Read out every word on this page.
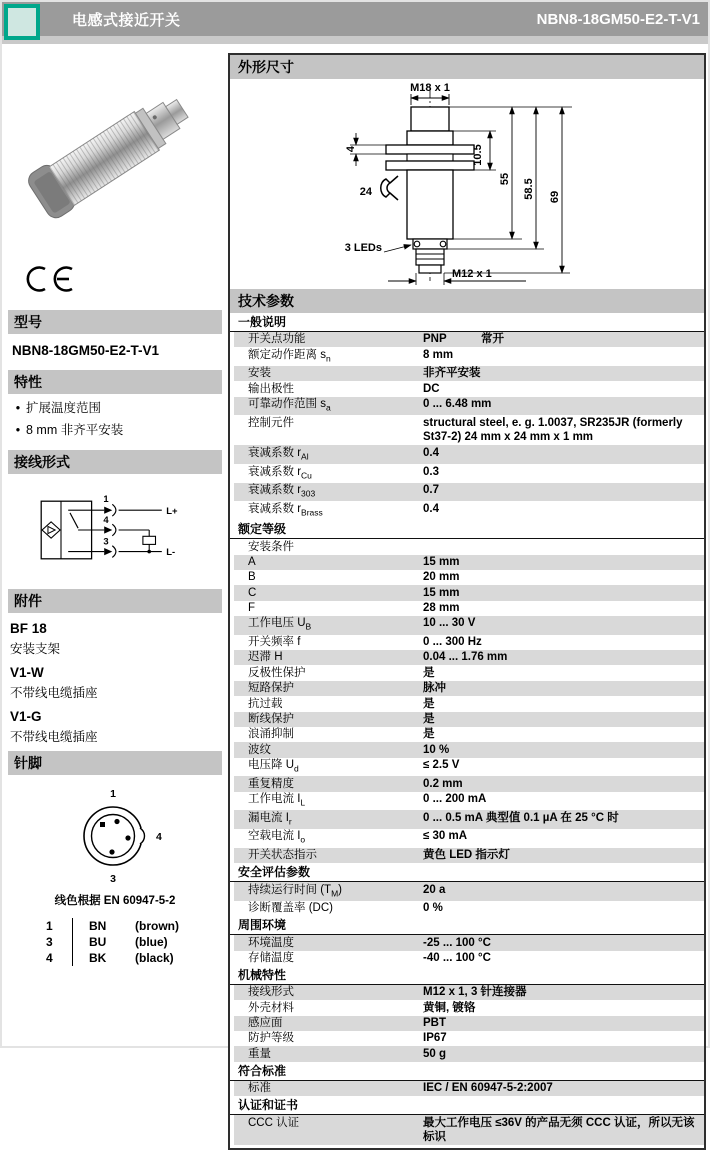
电感式接近开关	NBN8-18GM50-E2-T-V1
型号
NBN8-18GM50-E2-T-V1
特性
• 扩展温度范围
• 8 mm 非齐平安装
接线形式
1
4
3
L+
L-
附件
BF 18
安装支架
V1-W
不带线电缆插座
V1-G
不带线电缆插座
针脚
1
4
3
线色根据 EN 60947-5-2
1	BN	(brown)
3	BU	(blue)
4	BK	(black)
外形尺寸
M18 x 1
10.5
55 58.5 69
4
24
3 LEDs
M12 x 1
技术参数
一般说明
开关点功能	PNP　　　常开
额定动作距离 $s_n$	8 mm
安装	非齐平安装
输出极性	DC
可靠动作范围 $s_a$	0 ... 6.48 mm
控制元件	structural steel, e. g. 1.0037, SR235JR (formerly St37-2) 24 mm x 24 mm x 1 mm
衰减系数 $r_{Al}$	0.4
衰减系数 $r_{Cu}$	0.3
衰减系数 $r_{303}$	0.7
衰减系数 $r_{Brass}$	0.4
额定等级
安装条件
A	15 mm
B	20 mm
C	15 mm
F	28 mm
工作电压 $U_B$	10 ... 30 V
开关频率 f	0 ... 300 Hz
迟滞 H	0.04 ... 1.76 mm
反极性保护	是
短路保护	脉冲
抗过载	是
断线保护	是
浪涌抑制	是
波纹	10 %
电压降 $U_d$	≤ 2.5 V
重复精度	0.2 mm
工作电流 $I_L$	0 ... 200 mA
漏电流 $I_r$	0 ... 0.5 mA 典型值 0.1 µA 在 25 °C 时
空载电流 $I_o$	≤ 30 mA
开关状态指示	黄色 LED 指示灯
安全评估参数
持续运行时间 $(T_M)$	20 a
诊断覆盖率 (DC)	0 %
周围环境
环境温度	-25 ... 100 °C
存储温度	-40 ... 100 °C
机械特性
接线形式	M12 x 1, 3 针连接器
外壳材料	黄铜, 镀铬
感应面	PBT
防护等级	IP67
重量	50 g
符合标准
标准	IEC / EN 60947-5-2:2007
认证和证书
CCC 认证	最大工作电压 ≤36V 的产品无须 CCC 认证，所以无该标识
